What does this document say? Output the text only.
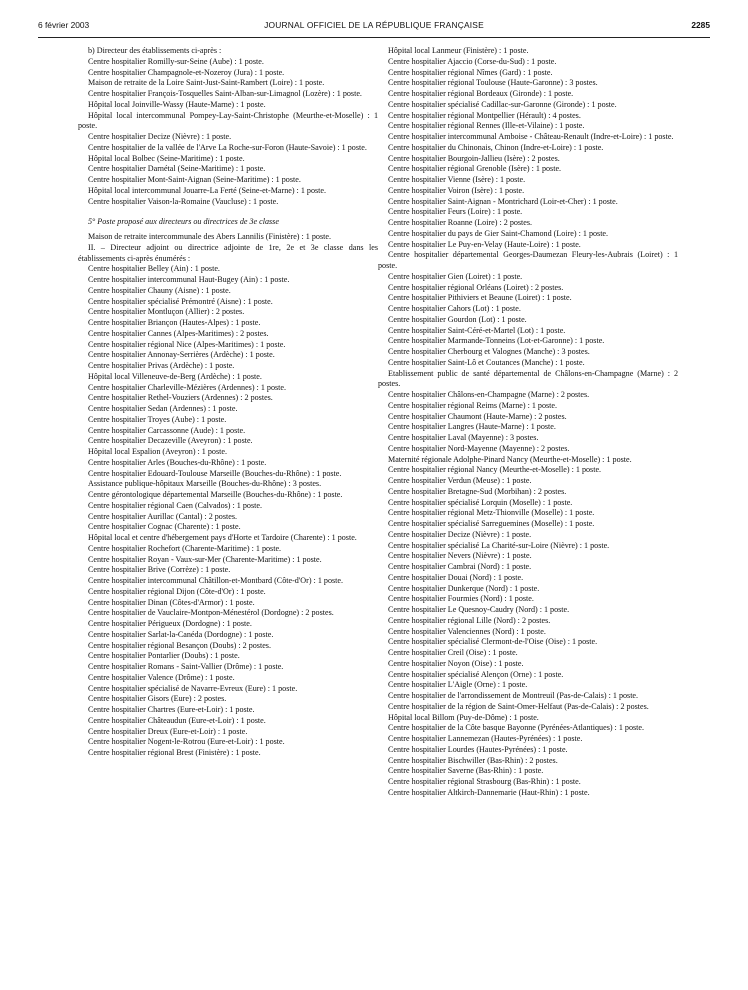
6 février 2003	JOURNAL OFFICIEL DE LA RÉPUBLIQUE FRANÇAISE	2285

b) Directeur des établissements ci-après :

Centre hospitalier Romilly-sur-Seine (Aube) : 1 poste.

Centre hospitalier Champagnole-et-Nozeroy (Jura) : 1 poste.

Maison de retraite de la Loire Saint-Just-Saint-Rambert (Loire) : 1 poste.

Centre hospitalier François-Tosquelles Saint-Alban-sur-Limagnol (Lozère) : 1 poste.

Hôpital local Joinville-Wassy (Haute-Marne) : 1 poste.

Hôpital local intercommunal Pompey-Lay-Saint-Christophe (Meurthe-et-Moselle) : 1 poste.

Centre hospitalier Decize (Nièvre) : 1 poste.

Centre hospitalier de la vallée de l'Arve La Roche-sur-Foron (Haute-Savoie) : 1 poste.

Hôpital local Bolbec (Seine-Maritime) : 1 poste.

Centre hospitalier Darnétal (Seine-Maritime) : 1 poste.

Centre hospitalier Mont-Saint-Aignan (Seine-Maritime) : 1 poste.

Hôpital local intercommunal Jouarre-La Ferté (Seine-et-Marne) : 1 poste.

Centre hospitalier Vaison-la-Romaine (Vaucluse) : 1 poste.

5° Poste proposé aux directeurs ou directrices de 3e classe

Maison de retraite intercommunale des Abers Lannilis (Finistère) : 1 poste.

II. – Directeur adjoint ou directrice adjointe de 1re, 2e et 3e classe dans les établissements ci-après énumérés :

Centre hospitalier Belley (Ain) : 1 poste.

Centre hospitalier intercommunal Haut-Bugey (Ain) : 1 poste.

Centre hospitalier Chauny (Aisne) : 1 poste.

Centre hospitalier spécialisé Prémontré (Aisne) : 1 poste.

Centre hospitalier Montluçon (Allier) : 2 postes.

Centre hospitalier Briançon (Hautes-Alpes) : 1 poste.

Centre hospitalier Cannes (Alpes-Maritimes) : 2 postes.

Centre hospitalier régional Nice (Alpes-Maritimes) : 1 poste.

Centre hospitalier Annonay-Serrières (Ardèche) : 1 poste.

Centre hospitalier Privas (Ardèche) : 1 poste.

Hôpital local Villeneuve-de-Berg (Ardèche) : 1 poste.

Centre hospitalier Charleville-Mézières (Ardennes) : 1 poste.

Centre hospitalier Rethel-Vouziers (Ardennes) : 2 postes.

Centre hospitalier Sedan (Ardennes) : 1 poste.

Centre hospitalier Troyes (Aube) : 1 poste.

Centre hospitalier Carcassonne (Aude) : 1 poste.

Centre hospitalier Decazeville (Aveyron) : 1 poste.

Hôpital local Espalion (Aveyron) : 1 poste.

Centre hospitalier Arles (Bouches-du-Rhône) : 1 poste.

Centre hospitalier Edouard-Toulouse Marseille (Bouches-du-Rhône) : 1 poste.

Assistance publique-hôpitaux Marseille (Bouches-du-Rhône) : 3 postes.

Centre gérontologique départemental Marseille (Bouches-du-Rhône) : 1 poste.

Centre hospitalier régional Caen (Calvados) : 1 poste.

Centre hospitalier Aurillac (Cantal) : 2 postes.

Centre hospitalier Cognac (Charente) : 1 poste.

Hôpital local et centre d'hébergement pays d'Horte et Tardoire (Charente) : 1 poste.

Centre hospitalier Rochefort (Charente-Maritime) : 1 poste.

Centre hospitalier Royan - Vaux-sur-Mer (Charente-Maritime) : 1 poste.

Centre hospitalier Brive (Corrèze) : 1 poste.

Centre hospitalier intercommunal Châtillon-et-Montbard (Côte-d'Or) : 1 poste.

Centre hospitalier régional Dijon (Côte-d'Or) : 1 poste.

Centre hospitalier Dinan (Côtes-d'Armor) : 1 poste.

Centre hospitalier de Vauclaire-Montpon-Ménestérol (Dordogne) : 2 postes.

Centre hospitalier Périgueux (Dordogne) : 1 poste.

Centre hospitalier Sarlat-la-Canéda (Dordogne) : 1 poste.

Centre hospitalier régional Besançon (Doubs) : 2 postes.

Centre hospitalier Pontarlier (Doubs) : 1 poste.

Centre hospitalier Romans - Saint-Vallier (Drôme) : 1 poste.

Centre hospitalier Valence (Drôme) : 1 poste.

Centre hospitalier spécialisé de Navarre-Evreux (Eure) : 1 poste.

Centre hospitalier Gisors (Eure) : 2 postes.

Centre hospitalier Chartres (Eure-et-Loir) : 1 poste.

Centre hospitalier Châteaudun (Eure-et-Loir) : 1 poste.

Centre hospitalier Dreux (Eure-et-Loir) : 1 poste.

Centre hospitalier Nogent-le-Rotrou (Eure-et-Loir) : 1 poste.

Centre hospitalier régional Brest (Finistère) : 1 poste.

Hôpital local Lanmeur (Finistère) : 1 poste.

Centre hospitalier Ajaccio (Corse-du-Sud) : 1 poste.

Centre hospitalier régional Nîmes (Gard) : 1 poste.

Centre hospitalier régional Toulouse (Haute-Garonne) : 3 postes.

Centre hospitalier régional Bordeaux (Gironde) : 1 poste.

Centre hospitalier spécialisé Cadillac-sur-Garonne (Gironde) : 1 poste.

Centre hospitalier régional Montpellier (Hérault) : 4 postes.

Centre hospitalier régional Rennes (Ille-et-Vilaine) : 1 poste.

Centre hospitalier intercommunal Amboise - Château-Renault (Indre-et-Loire) : 1 poste.

Centre hospitalier du Chinonais, Chinon (Indre-et-Loire) : 1 poste.

Centre hospitalier Bourgoin-Jallieu (Isère) : 2 postes.

Centre hospitalier régional Grenoble (Isère) : 1 poste.

Centre hospitalier Vienne (Isère) : 1 poste.

Centre hospitalier Voiron (Isère) : 1 poste.

Centre hospitalier Saint-Aignan - Montrichard (Loir-et-Cher) : 1 poste.

Centre hospitalier Feurs (Loire) : 1 poste.

Centre hospitalier Roanne (Loire) : 2 postes.

Centre hospitalier du pays de Gier Saint-Chamond (Loire) : 1 poste.

Centre hospitalier Le Puy-en-Velay (Haute-Loire) : 1 poste.

Centre hospitalier départemental Georges-Daumezan Fleury-les-Aubrais (Loiret) : 1 poste.

Centre hospitalier Gien (Loiret) : 1 poste.

Centre hospitalier régional Orléans (Loiret) : 2 postes.

Centre hospitalier Pithiviers et Beaune (Loiret) : 1 poste.

Centre hospitalier Cahors (Lot) : 1 poste.

Centre hospitalier Gourdon (Lot) : 1 poste.

Centre hospitalier Saint-Céré-et-Martel (Lot) : 1 poste.

Centre hospitalier Marmande-Tonneins (Lot-et-Garonne) : 1 poste.

Centre hospitalier Cherbourg et Valognes (Manche) : 3 postes.

Centre hospitalier Saint-Lô et Coutances (Manche) : 1 poste.

Etablissement public de santé départemental de Châlons-en-Champagne (Marne) : 2 postes.

Centre hospitalier Châlons-en-Champagne (Marne) : 2 postes.

Centre hospitalier régional Reims (Marne) : 1 poste.

Centre hospitalier Chaumont (Haute-Marne) : 2 postes.

Centre hospitalier Langres (Haute-Marne) : 1 poste.

Centre hospitalier Laval (Mayenne) : 3 postes.

Centre hospitalier Nord-Mayenne (Mayenne) : 2 postes.

Maternité régionale Adolphe-Pinard Nancy (Meurthe-et-Moselle) : 1 poste.

Centre hospitalier régional Nancy (Meurthe-et-Moselle) : 1 poste.

Centre hospitalier Verdun (Meuse) : 1 poste.

Centre hospitalier Bretagne-Sud (Morbihan) : 2 postes.

Centre hospitalier spécialisé Lorquin (Moselle) : 1 poste.

Centre hospitalier régional Metz-Thionville (Moselle) : 1 poste.

Centre hospitalier spécialisé Sarreguemines (Moselle) : 1 poste.

Centre hospitalier Decize (Nièvre) : 1 poste.

Centre hospitalier spécialisé La Charité-sur-Loire (Nièvre) : 1 poste.

Centre hospitalier Nevers (Nièvre) : 1 poste.

Centre hospitalier Cambrai (Nord) : 1 poste.

Centre hospitalier Douai (Nord) : 1 poste.

Centre hospitalier Dunkerque (Nord) : 1 poste.

Centre hospitalier Fourmies (Nord) : 1 poste.

Centre hospitalier Le Quesnoy-Caudry (Nord) : 1 poste.

Centre hospitalier régional Lille (Nord) : 2 postes.

Centre hospitalier Valenciennes (Nord) : 1 poste.

Centre hospitalier spécialisé Clermont-de-l'Oise (Oise) : 1 poste.

Centre hospitalier Creil (Oise) : 1 poste.

Centre hospitalier Noyon (Oise) : 1 poste.

Centre hospitalier spécialisé Alençon (Orne) : 1 poste.

Centre hospitalier L'Aigle (Orne) : 1 poste.

Centre hospitalier de l'arrondissement de Montreuil (Pas-de-Calais) : 1 poste.

Centre hospitalier de la région de Saint-Omer-Helfaut (Pas-de-Calais) : 2 postes.

Hôpital local Billom (Puy-de-Dôme) : 1 poste.

Centre hospitalier de la Côte basque Bayonne (Pyrénées-Atlantiques) : 1 poste.

Centre hospitalier Lannemezan (Hautes-Pyrénées) : 1 poste.

Centre hospitalier Lourdes (Hautes-Pyrénées) : 1 poste.

Centre hospitalier Bischwiller (Bas-Rhin) : 2 postes.

Centre hospitalier Saverne (Bas-Rhin) : 1 poste.

Centre hospitalier régional Strasbourg (Bas-Rhin) : 1 poste.

Centre hospitalier Altkirch-Dannemarie (Haut-Rhin) : 1 poste.
